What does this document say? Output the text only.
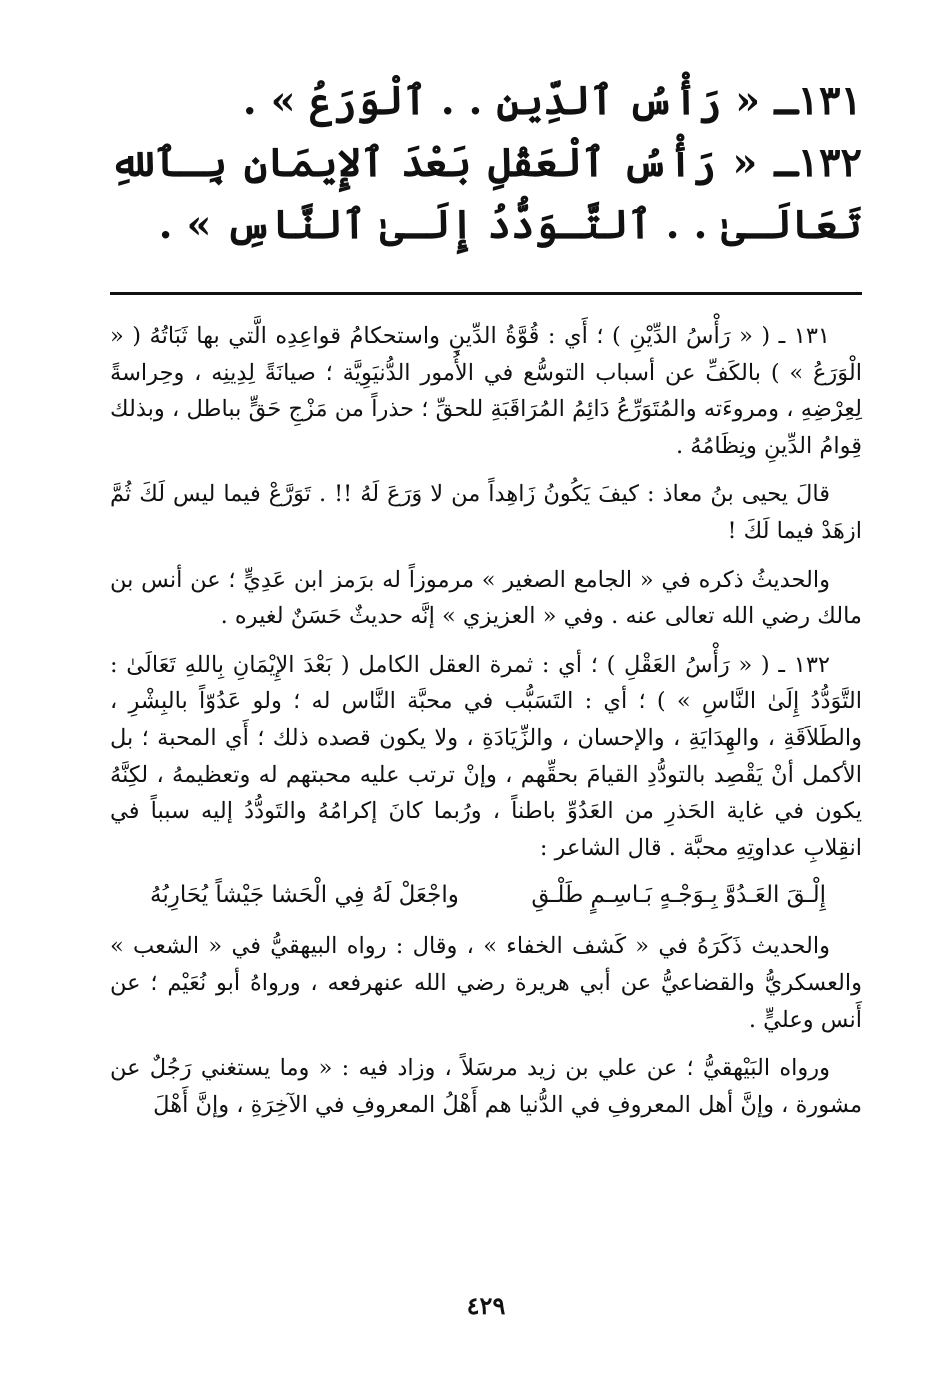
١٣١ـ « رَأْسُ ٱلدِّينِ . . ٱلْوَرَعُ » .

١٣٢ـ « رَأْسُ ٱلْعَقْلِ بَعْدَ ٱلإِيمَانِ بِـٱللهِ تَعَالَـىٰ . . ٱلتَّـوَدُّدُ إِلَـىٰ ٱلنَّاسِ » .

١٣١ ـ ( « رَأْسُ الدِّيْنِ ) ؛ أَي : قُوَّةُ الدِّينِ واستحكامُ قواعِدِه الَّتي بها ثَبَاتُهُ ( « الْوَرَعُ » ) بالكَفِّ عن أسباب التوسُّع في الأُمور الدُّنيَوِيَّة ؛ صيانَةً لِدِينِه ، وحِراسةً لِعِرْضِهِ ، ومروءَته والمُتَوَرِّعُ دَائِمُ المُرَاقَبَةِ للحقِّ ؛ حذراً من مَزْجِ حَقٍّ بباطل ، وبذلك قِوامُ الدِّينِ ونِظَامُهُ .

قالَ يحيى بنُ معاذ : كيفَ يَكُونُ زَاهِداً من لا وَرَعَ لَهُ !! . تَوَرَّعْ فيما ليس لَكَ ثُمَّ ازهَدْ فيما لَكَ !

والحديثُ ذكره في « الجامع الصغير » مرموزاً له برَمز ابن عَدِيٍّ ؛ عن أنس بن مالك رضي الله تعالى عنه . وفي « العزيزي » إنَّه حديثٌ حَسَنٌ لغيره .

١٣٢ ـ ( « رَأْسُ العَقْلِ ) ؛ أي : ثمرة العقل الكامل ( بَعْدَ الإِيْمَانِ بِاللهِ تَعَالَىٰ : التَّوَدُّدُ إِلَىٰ النَّاسِ » ) ؛ أي : التَسَبُّب في محبَّة النَّاس له ؛ ولو عَدُوّاً بالبِشْرِ ، والطَلاَقَةِ ، والهِدَايَةِ ، والإحسان ، والزِّيَادَةِ ، ولا يكون قصده ذلك ؛ أَي المحبة ؛ بل الأكمل أنْ يَقْصِد بالتودُّدِ القيامَ بحقِّهم ، وإنْ ترتب عليه محبتهم له وتعظيمهُ ، لكِنَّهُ يكون في غاية الحَذرِ من العَدُوِّ باطناً ، ورُبما كانَ إكرامُهُ والتَودُّدُ إليه سبباً في انقِلابِ عداوتِهِ محبَّة . قال الشاعر :

إِلْـقَ العَـدُوَّ بِـوَجْـهٍ بَـاسِـمٍ طَلْـقِ
واجْعَلْ لَهُ فِي الْحَشا جَيْشاً يُحَارِبُهُ

والحديث ذَكَرَهُ في « كَشف الخفاء » ، وقال : رواه البيهقيُّ في « الشعب » والعسكريُّ والقضاعيُّ عن أبي هريرة رضي الله عنهرفعه ، ورواهُ أبو نُعَيْم ؛ عن أَنس وعليٍّ .

ورواه البَيْهقيُّ ؛ عن علي بن زيد مرسَلاً ، وزاد فيه : « وما يستغني رَجُلٌ عن مشورة ، وإنَّ أهل المعروفِ في الدُّنيا هم أَهْلُ المعروفِ في الآخِرَةِ ، وإنَّ أَهْلَ

٤٢٩
